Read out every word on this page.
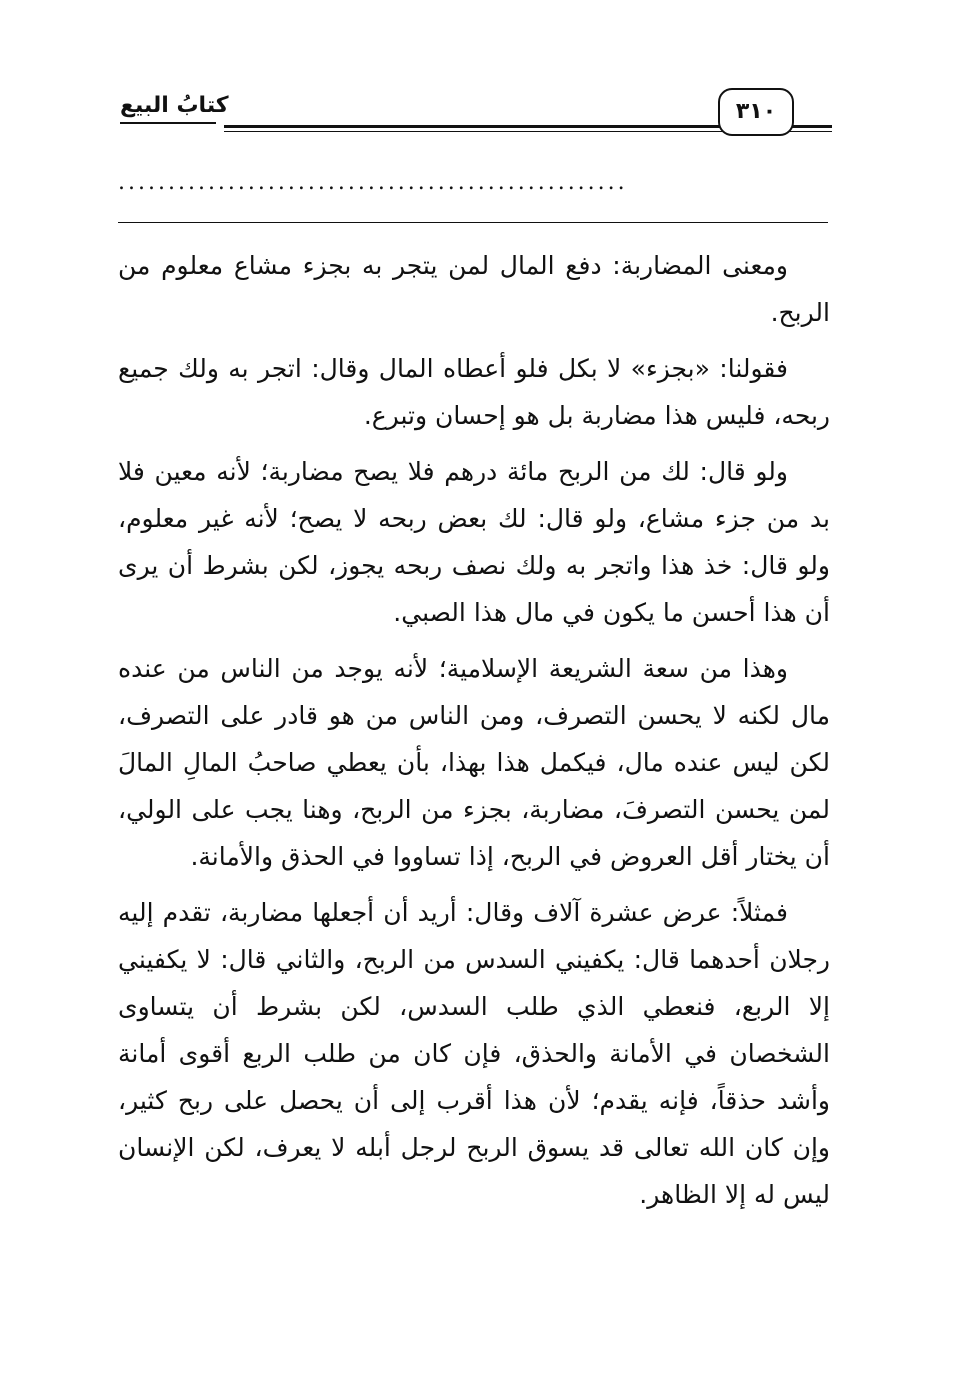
كتابُ البيع	٣١٠
...................................................

ومعنى المضاربة: دفع المال لمن يتجر به بجزء مشاع معلوم من الربح.

فقولنا: «بجزء» لا بكل فلو أعطاه المال وقال: اتجر به ولك جميع ربحه، فليس هذا مضاربة بل هو إحسان وتبرع.

ولو قال: لك من الربح مائة درهم فلا يصح مضاربة؛ لأنه معين فلا بد من جزء مشاع، ولو قال: لك بعض ربحه لا يصح؛ لأنه غير معلوم، ولو قال: خذ هذا واتجر به ولك نصف ربحه يجوز، لكن بشرط أن يرى أن هذا أحسن ما يكون في مال هذا الصبي.

وهذا من سعة الشريعة الإسلامية؛ لأنه يوجد من الناس من عنده مال لكنه لا يحسن التصرف، ومن الناس من هو قادر على التصرف، لكن ليس عنده مال، فيكمل هذا بهذا، بأن يعطي صاحبُ المالِ المالَ لمن يحسن التصرفَ، مضاربة، بجزء من الربح، وهنا يجب على الولي، أن يختار أقل العروض في الربح، إذا تساووا في الحذق والأمانة.

فمثلاً: عرض عشرة آلاف وقال: أريد أن أجعلها مضاربة، تقدم إليه رجلان أحدهما قال: يكفيني السدس من الربح، والثاني قال: لا يكفيني إلا الربع، فنعطي الذي طلب السدس، لكن بشرط أن يتساوى الشخصان في الأمانة والحذق، فإن كان من طلب الربع أقوى أمانة وأشد حذقاً، فإنه يقدم؛ لأن هذا أقرب إلى أن يحصل على ربح كثير، وإن كان الله تعالى قد يسوق الربح لرجل أبله لا يعرف، لكن الإنسان ليس له إلا الظاهر.
